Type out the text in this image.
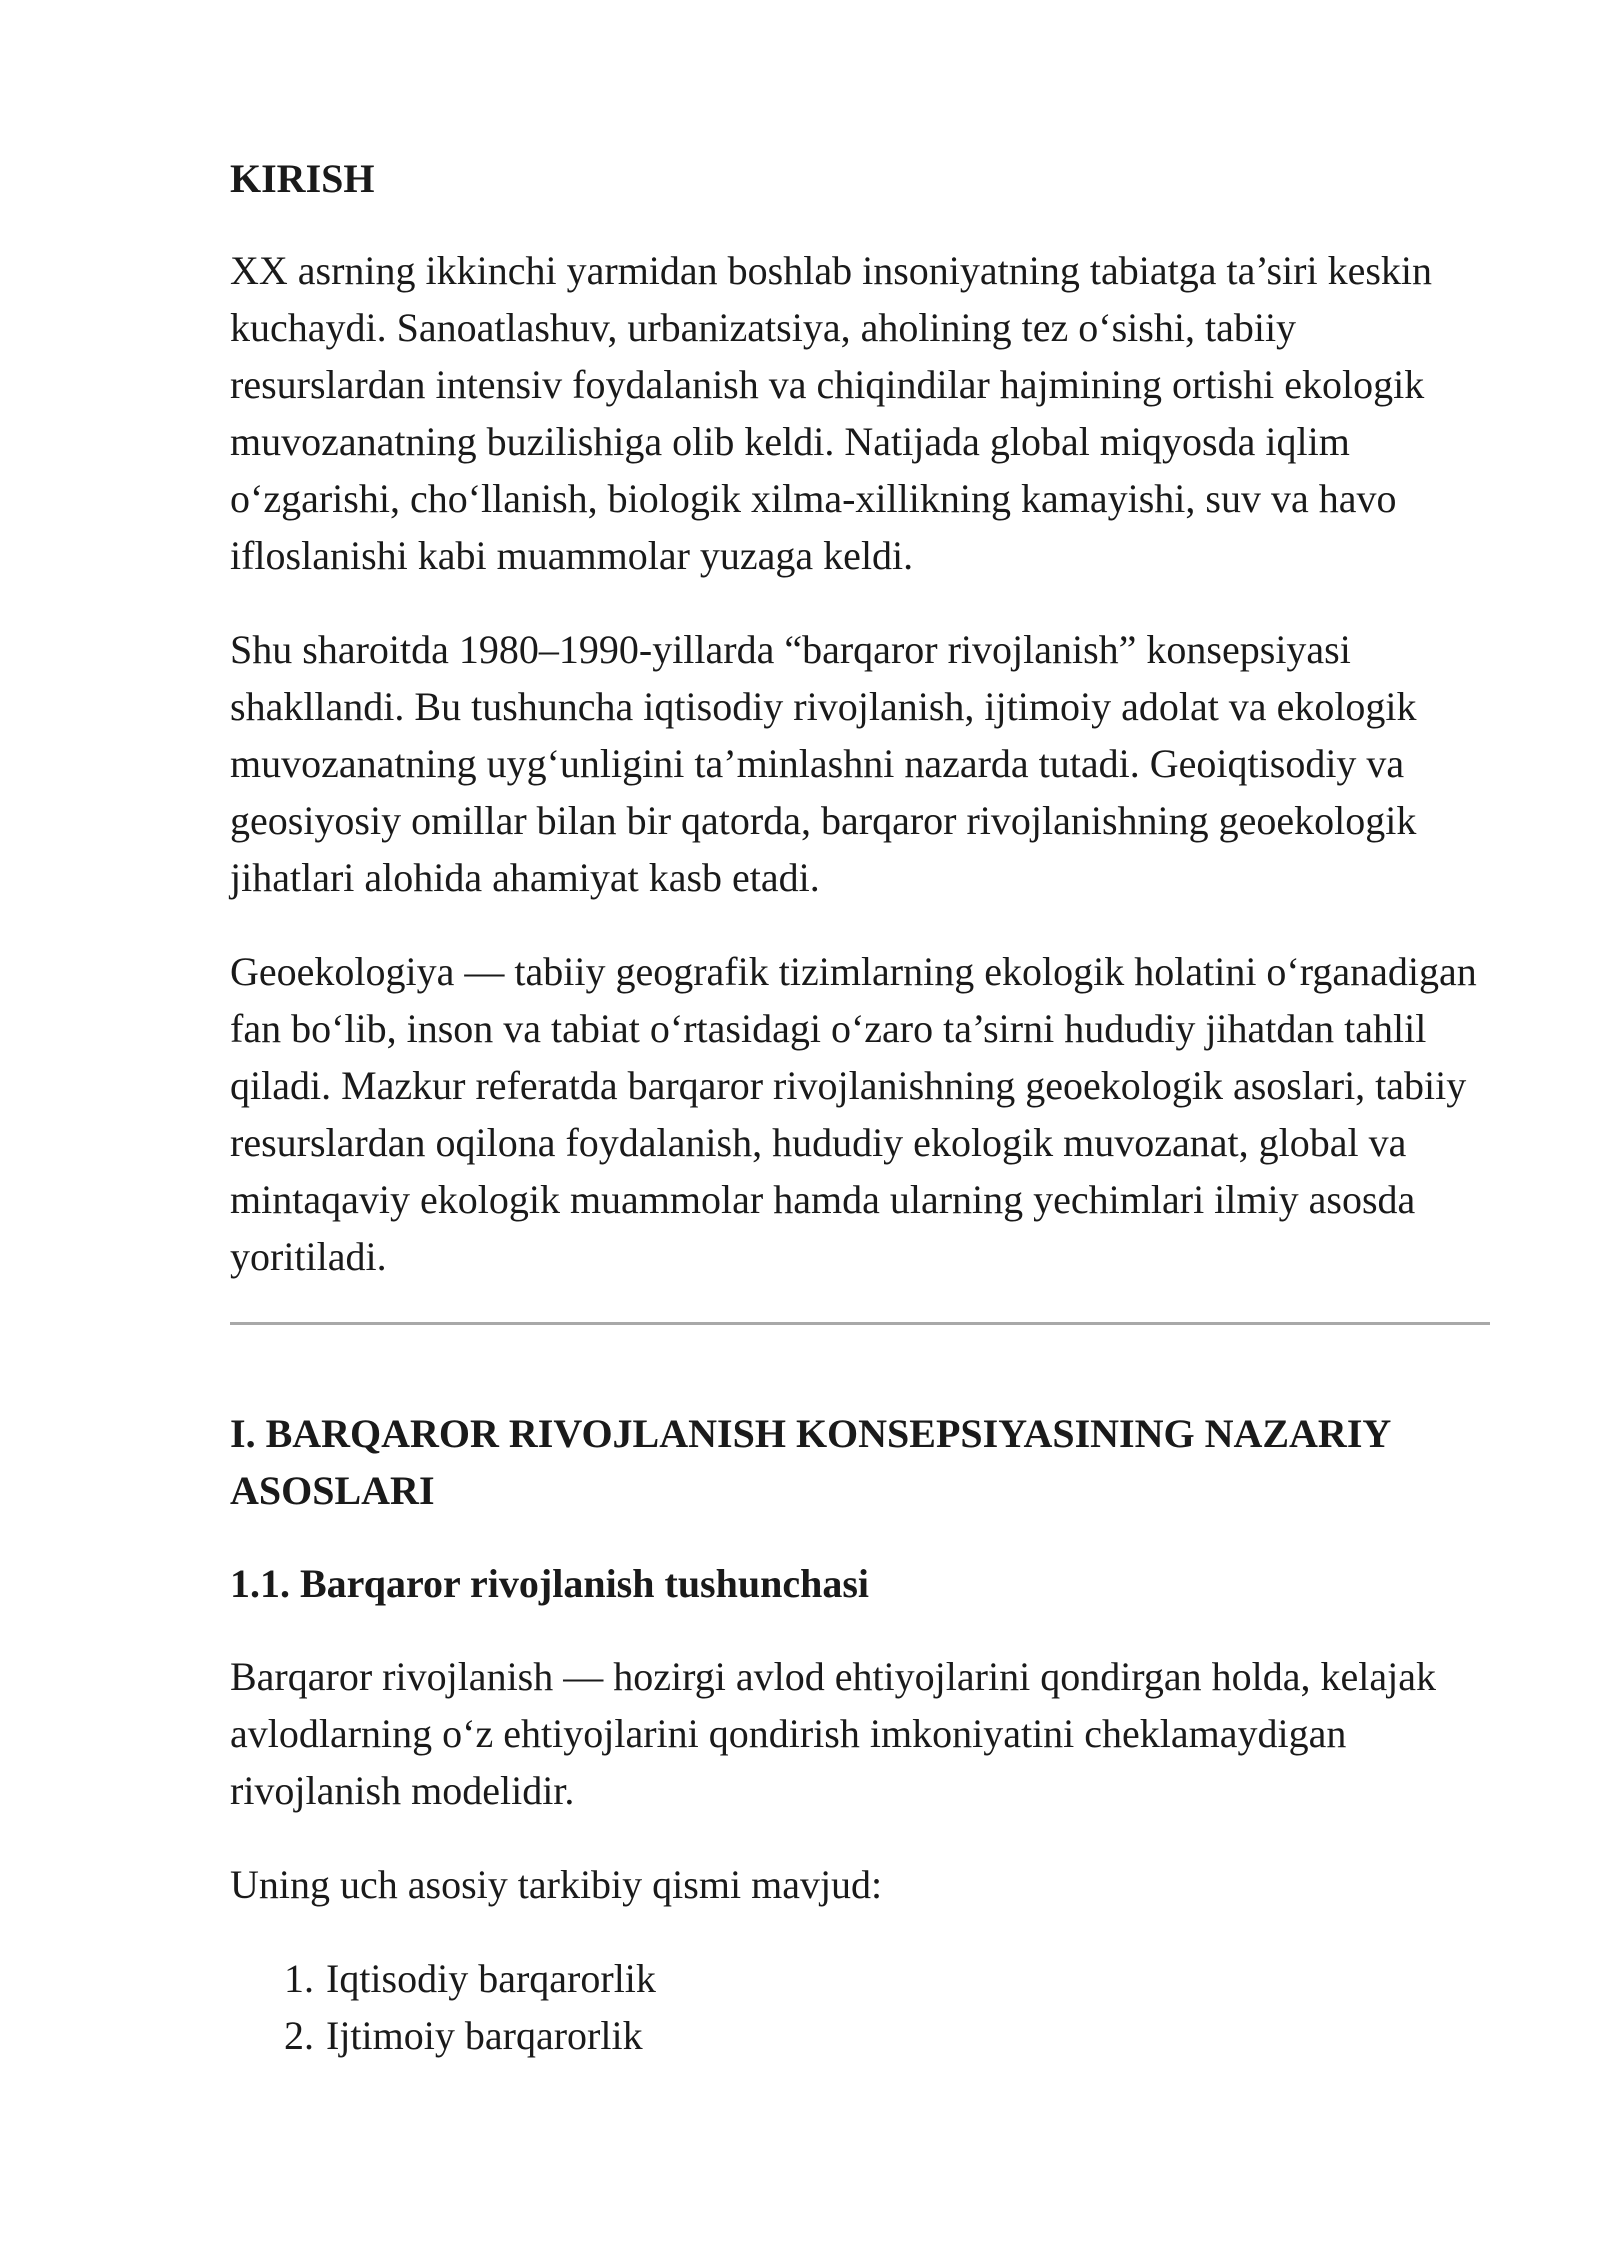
KIRISH

XX asrning ikkinchi yarmidan boshlab insoniyatning tabiatga ta’siri keskin kuchaydi. Sanoatlashuv, urbanizatsiya, aholining tez o‘sishi, tabiiy resurslardan intensiv foydalanish va chiqindilar hajmining ortishi ekologik muvozanatning buzilishiga olib keldi. Natijada global miqyosda iqlim o‘zgarishi, cho‘llanish, biologik xilma-xillikning kamayishi, suv va havo ifloslanishi kabi muammolar yuzaga keldi.

Shu sharoitda 1980–1990-yillarda “barqaror rivojlanish” konsepsiyasi shakllandi. Bu tushuncha iqtisodiy rivojlanish, ijtimoiy adolat va ekologik muvozanatning uyg‘unligini ta’minlashni nazarda tutadi. Geoiqtisodiy va geosiyosiy omillar bilan bir qatorda, barqaror rivojlanishning geoekologik jihatlari alohida ahamiyat kasb etadi.

Geoekologiya — tabiiy geografik tizimlarning ekologik holatini o‘rganadigan fan bo‘lib, inson va tabiat o‘rtasidagi o‘zaro ta’sirni hududiy jihatdan tahlil qiladi. Mazkur referatda barqaror rivojlanishning geoekologik asoslari, tabiiy resurslardan oqilona foydalanish, hududiy ekologik muvozanat, global va mintaqaviy ekologik muammolar hamda ularning yechimlari ilmiy asosda yoritiladi.

I. BARQAROR RIVOJLANISH KONSEPSIYASINING NAZARIY ASOSLARI
1.1. Barqaror rivojlanish tushunchasi

Barqaror rivojlanish — hozirgi avlod ehtiyojlarini qondirgan holda, kelajak avlodlarning o‘z ehtiyojlarini qondirish imkoniyatini cheklamaydigan rivojlanish modelidir.

Uning uch asosiy tarkibiy qismi mavjud:

1. Iqtisodiy barqarorlik
2. Ijtimoiy barqarorlik
